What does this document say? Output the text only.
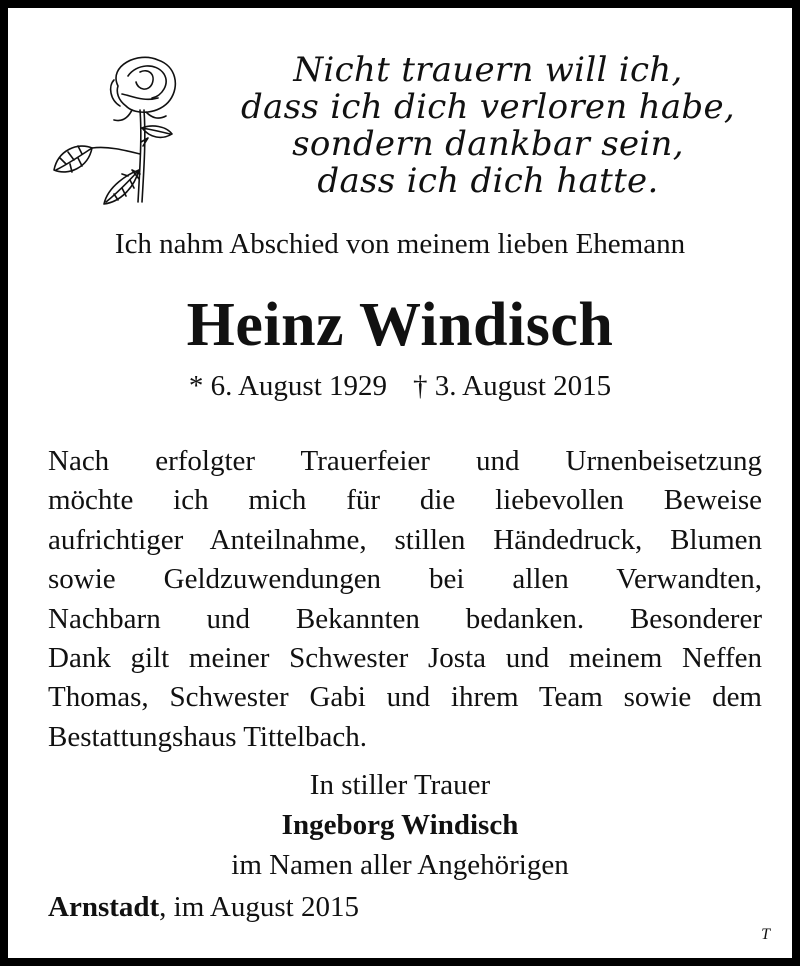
Nicht trauern will ich,
dass ich dich verloren habe,
sondern dankbar sein,
dass ich dich hatte.
Ich nahm Abschied von meinem lieben Ehemann
Heinz Windisch
* 6. August 1929 † 3. August 2015
Nach erfolgter Trauerfeier und Urnenbeisetzung
möchte ich mich für die liebevollen Beweise
aufrichtiger Anteilnahme, stillen Händedruck, Blumen
sowie Geldzuwendungen bei allen Verwandten,
Nachbarn und Bekannten bedanken. Besonderer
Dank gilt meiner Schwester Josta und meinem Neffen
Thomas, Schwester Gabi und ihrem Team sowie dem
Bestattungshaus Tittelbach.
In stiller Trauer
Ingeborg Windisch
im Namen aller Angehörigen
Arnstadt, im August 2015
T
